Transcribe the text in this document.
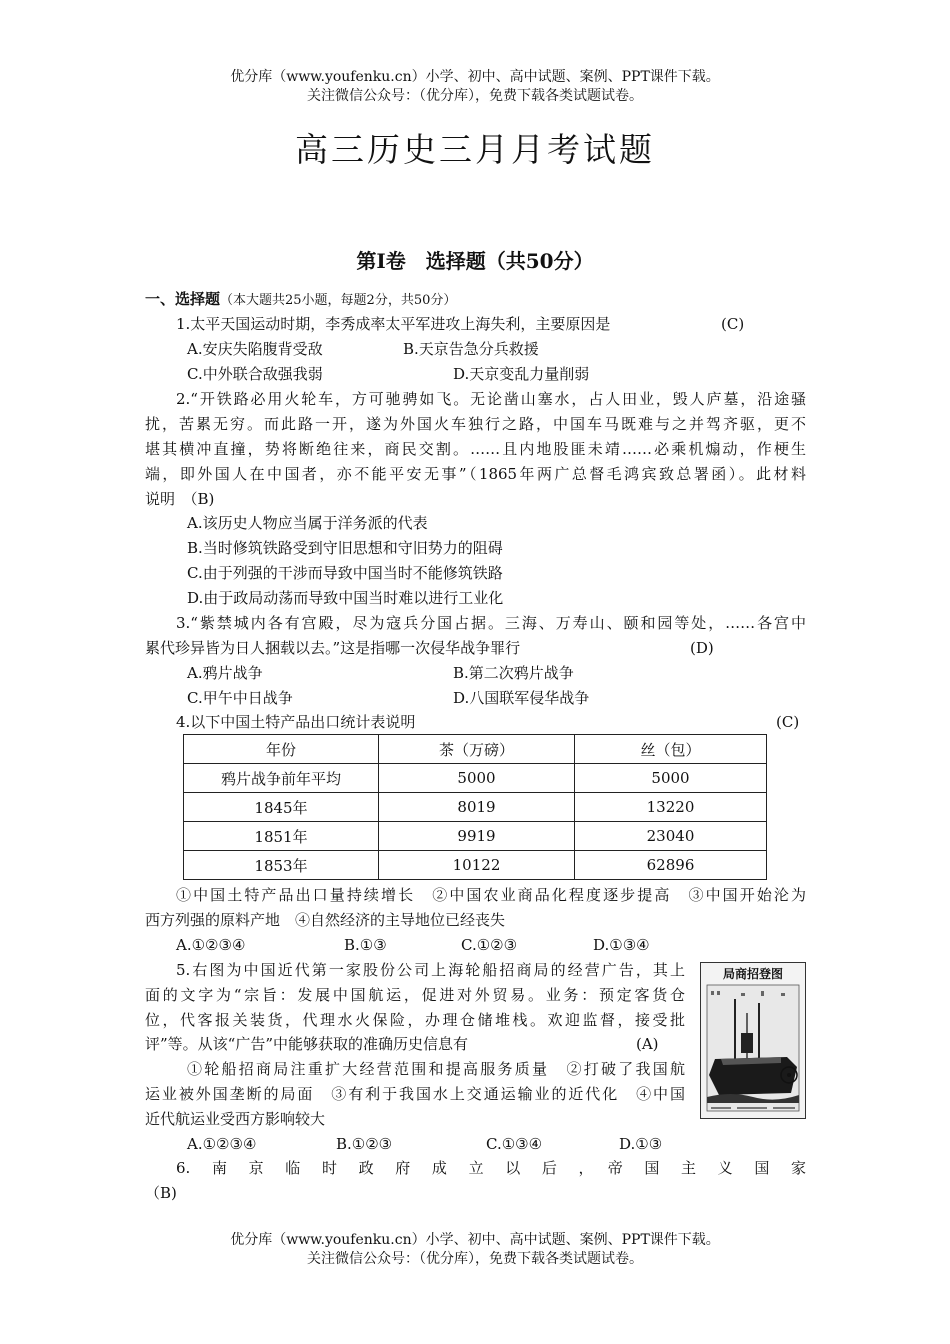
优分库（www.youfenku.cn）小学、初中、高中试题、案例、PPT课件下载。
关注微信公众号：（优分库），免费下载各类试题试卷。
高三历史三月月考试题
第Ⅰ卷　选择题（共50分）
一、选择题（本大题共25小题，每题2分，共50分）
1.太平天国运动时期，李秀成率太平军进攻上海失利，主要原因是	(C)
A.安庆失陷腹背受敌	B.天京告急分兵救援
C.中外联合敌强我弱	D.天京变乱力量削弱
2.“开铁路必用火轮车，方可驰骋如飞。无论凿山塞水，占人田业，毁人庐墓，沿途骚
扰，苦累无穷。而此路一开，遂为外国火车独行之路，中国车马既难与之并驾齐驱，更不
堪其横冲直撞，势将断绝往来，商民交割。……且内地股匪未靖……必乘机煽动，作梗生
端，即外国人在中国者，亦不能平安无事”（1865年两广总督毛鸿宾致总署函）。此材料
说明　（B)
A.该历史人物应当属于洋务派的代表
B.当时修筑铁路受到守旧思想和守旧势力的阻碍
C.由于列强的干涉而导致中国当时不能修筑铁路
D.由于政局动荡而导致中国当时难以进行工业化
3.“紫禁城内各有宫殿，尽为寇兵分国占据。三海、万寿山、颐和园等处，……各宫中
累代珍异皆为日人捆载以去。”这是指哪一次侵华战争罪行	(D)
A.鸦片战争	B.第二次鸦片战争
C.甲午中日战争	D.八国联军侵华战争
4.以下中国土特产品出口统计表说明	(C)
年份	茶（万磅）	丝（包）
鸦片战争前年平均	5000	5000
1845年	8019	13220
1851年	9919	23040
1853年	10122	62896
①中国土特产品出口量持续增长　②中国农业商品化程度逐步提高　③中国开始沦为
西方列强的原料产地　④自然经济的主导地位已经丧失
A.①②③④	B.①③	C.①②③	D.①③④
5.右图为中国近代第一家股份公司上海轮船招商局的经营广告，其上
面的文字为“宗旨：发展中国航运，促进对外贸易。业务：预定客货仓
位，代客报关装货，代理水火保险，办理仓储堆栈。欢迎监督，接受批
评”等。从该“广告”中能够获取的准确历史信息有	(A)
①轮船招商局注重扩大经营范围和提高服务质量　②打破了我国航
运业被外国垄断的局面　③有利于我国水上交通运输业的近代化　④中国
近代航运业受西方影响较大
A.①②③④	B.①②③	C.①③④	D.①③
局商招登图
6.　南　京　临　时　政　府　成　立　以　后　，　帝　国　主　义　国　家
（B)
优分库（www.youfenku.cn）小学、初中、高中试题、案例、PPT课件下载。
关注微信公众号：（优分库），免费下载各类试题试卷。
